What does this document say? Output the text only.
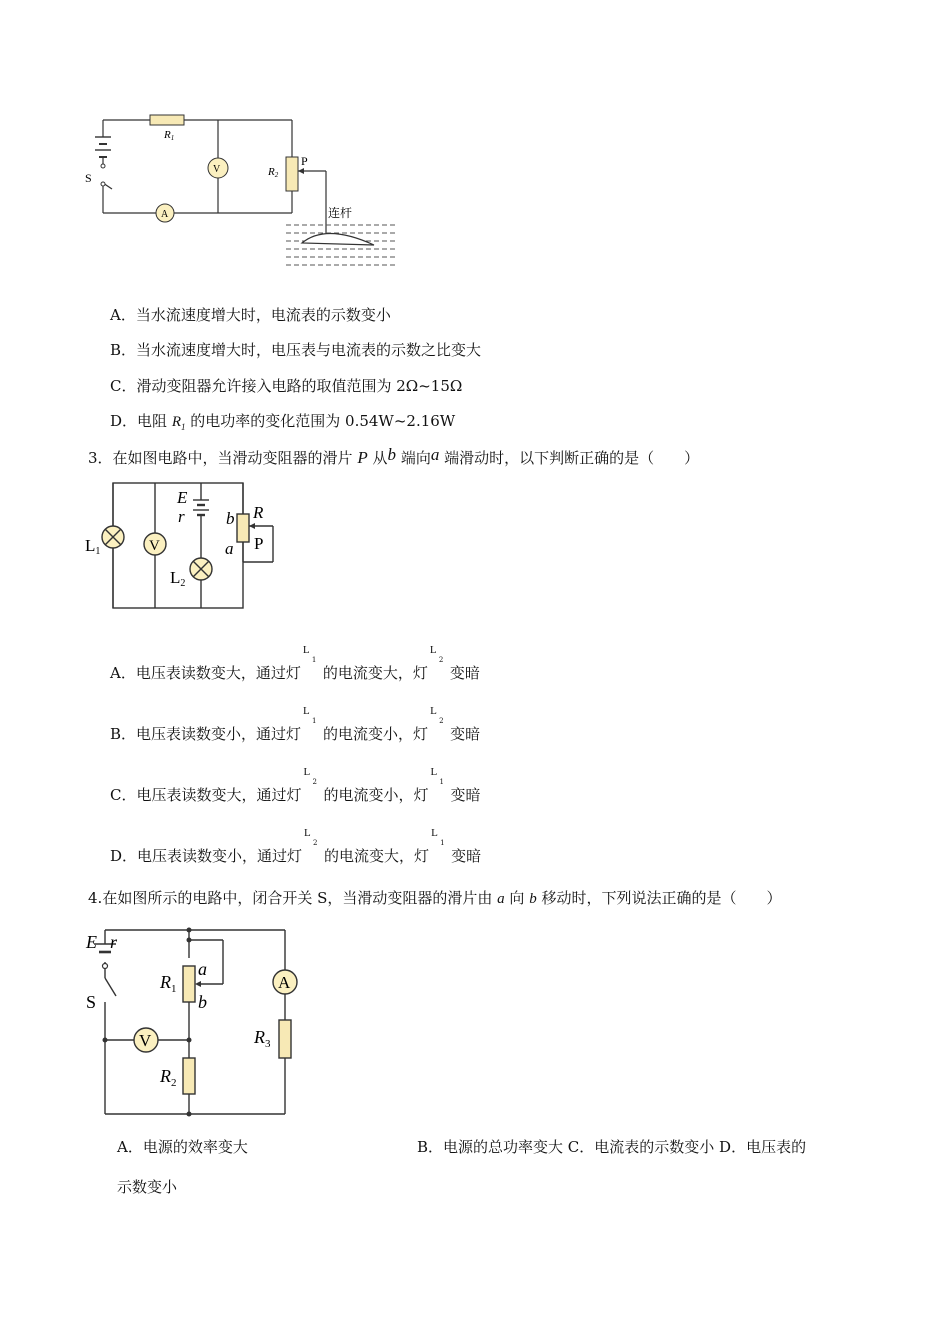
R1
V
A
R2
P
S
连杆
A．当水流速度增大时，电流表的示数变小
B．当水流速度增大时，电压表与电流表的示数之比变大
C．滑动变阻器允许接入电路的取值范围为 2Ω~15Ω
D．电阻 $R_1$ 的电功率的变化范围为 0.54W~2.16W
3．在如图电路中，当滑动变阻器的滑片 P 从b 端向a 端滑动时，以下判断正确的是（　　）
E
r b
a
R
P
L1
L2
V
A．电压表读数变大，通过灯
L
1
的电流变大，灯
L
2
变暗
B．电压表读数变小，通过灯
L
1
的电流变小，灯
L
2
变暗
C．电压表读数变大，通过灯
L
2
的电流变小，灯
L
1
变暗
D．电压表读数变小，通过灯
L
2
的电流变大，灯
L
1
变暗
4.在如图所示的电路中，闭合开关 S，当滑动变阻器的滑片由 a 向 b 移动时，下列说法正确的是（　　）
E r
S
a
b
$R_1$
$R_2$
$R_3$
A
V
A．电源的效率变大	B．电源的总功率变大 C．电流表的示数变小 D．电压表的
示数变小
